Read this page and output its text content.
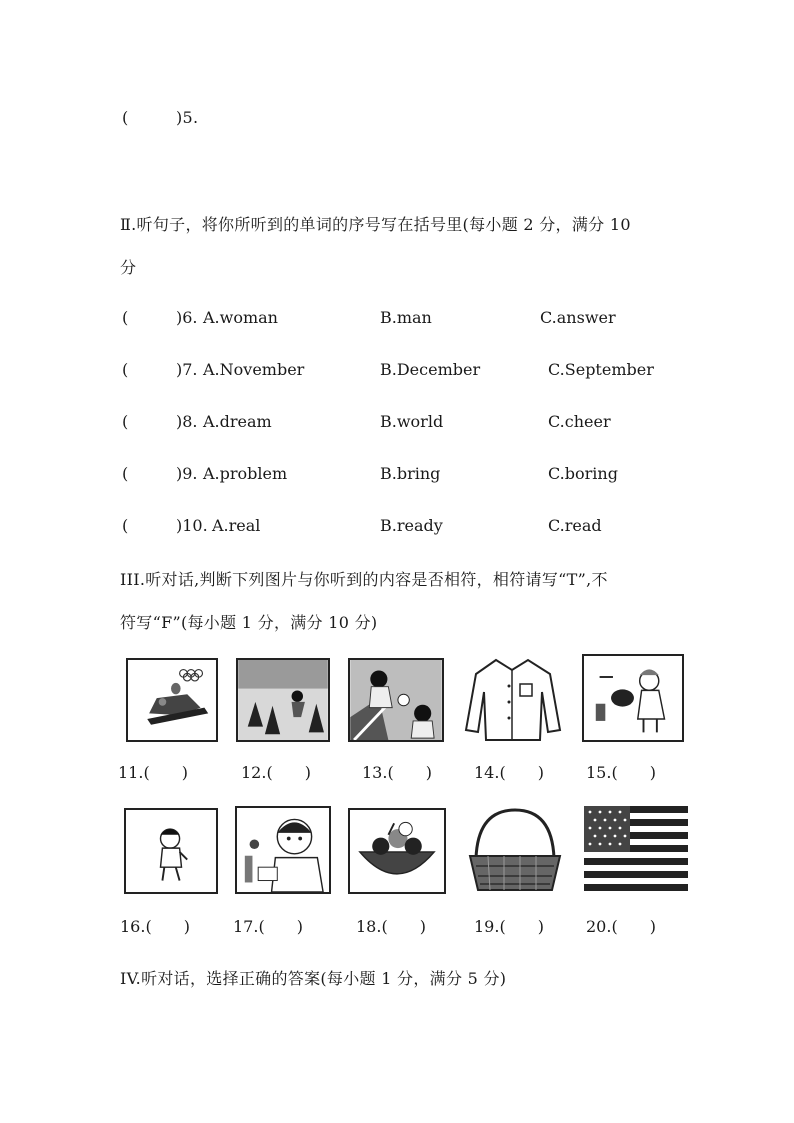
(	)5.
Ⅱ.听句子，将你所听到的单词的序号写在括号里(每小题 2 分，满分 10
分
(	)6. A.woman	B.man	C.answer
(	)7. A.November	B.December	C.September
(	)8. A.dream	B.world	C.cheer
(	)9. A.problem	B.bring	C.boring
(	)10. A.real	B.ready	C.read
III.听对话,判断下列图片与你听到的内容是否相符，相符请写“T”,不
符写“F”(每小题 1 分，满分 10 分)
11.(　　)	12.(　　)	13.(　　)	14.(　　)	15.(　　)
16.(　　)	17.(　　)	18.(　　)	19.(　　)	20.(　　)
IV.听对话，选择正确的答案(每小题 1 分，满分 5 分)
